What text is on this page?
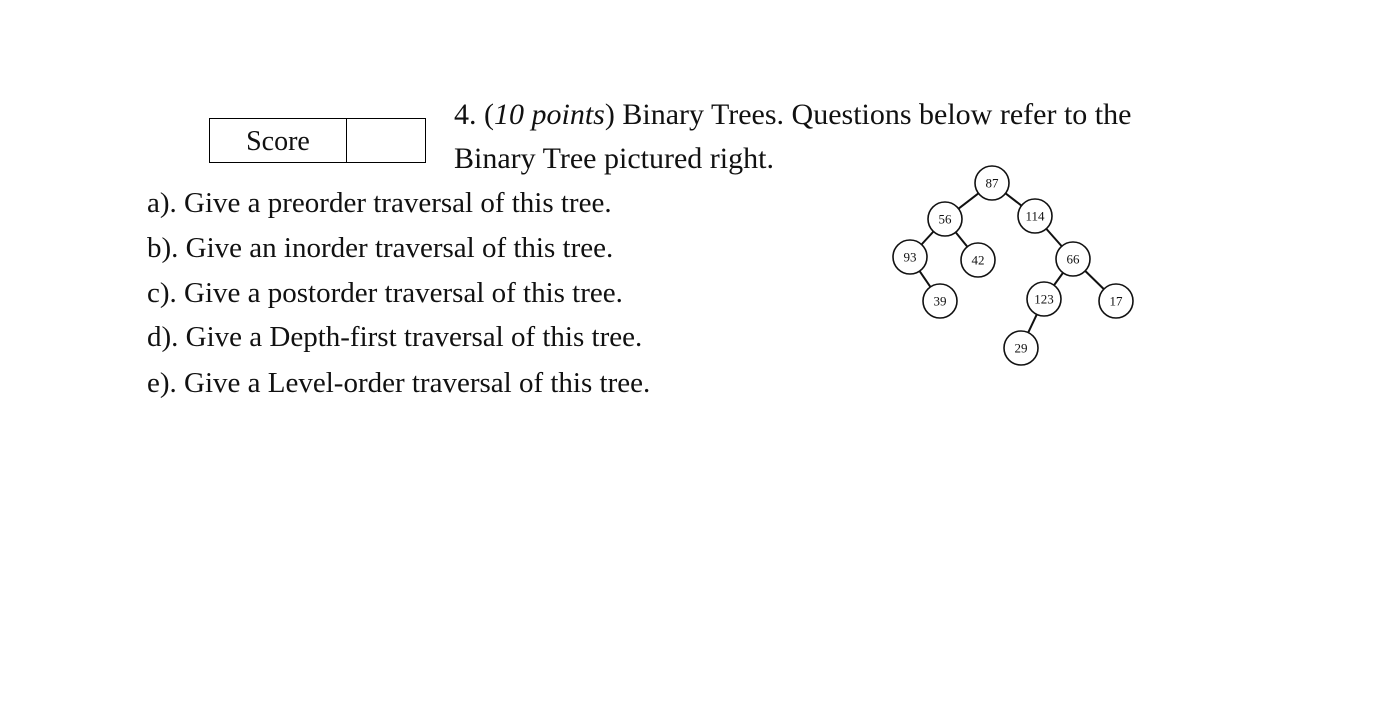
Score
4. (10 points) Binary Trees. Questions below refer to the
Binary Tree pictured right.
a). Give a preorder traversal of this tree.
b). Give an inorder traversal of this tree.
c). Give a postorder traversal of this tree.
d). Give a Depth-first traversal of this tree.
e). Give a Level-order traversal of this tree.
87
56	114
93	42	66
39	123	17
29
